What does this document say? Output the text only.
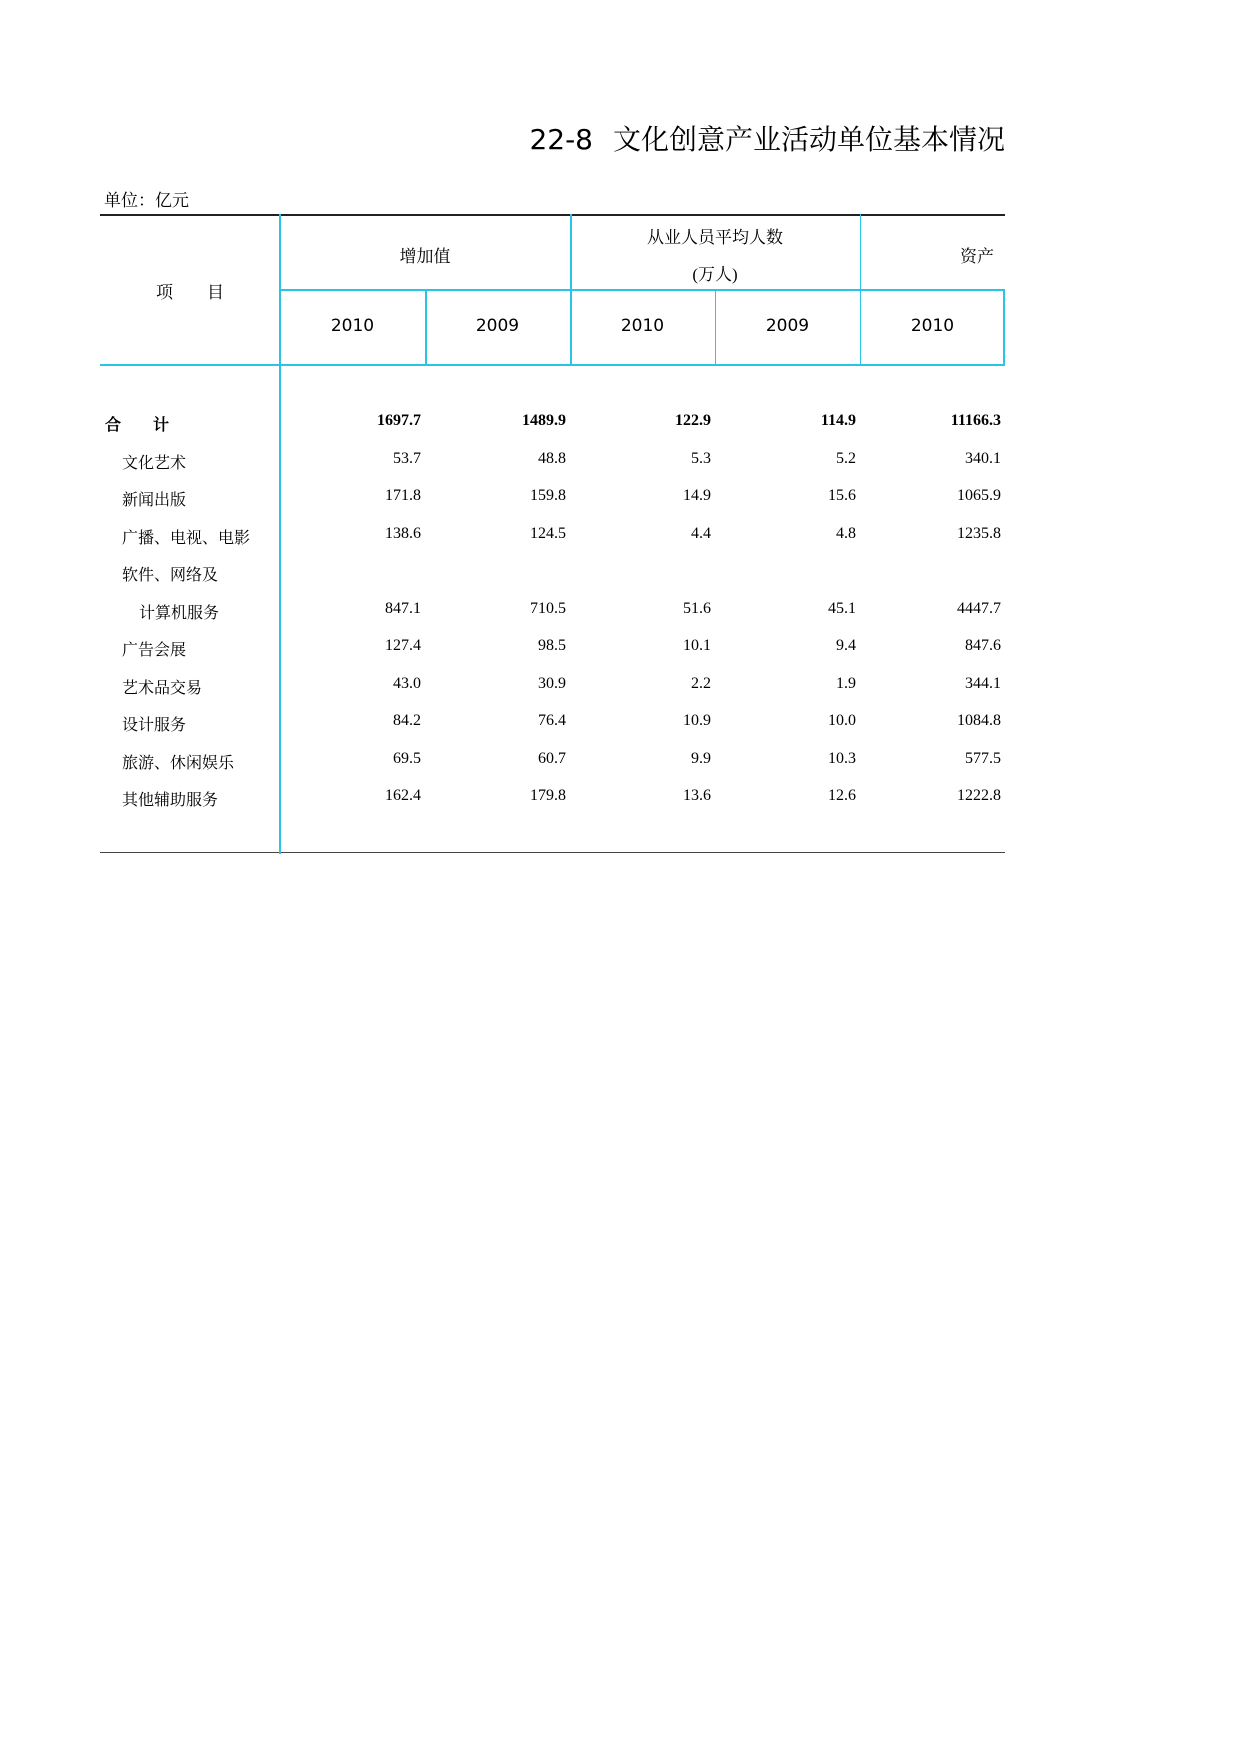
22-8 文化创意产业活动单位基本情况
单位：亿元
项　　目
增加值
从业人员平均人数
(万人)
资产
2010	2009	2010	2009	2010
合　　计	1697.7	1489.9	122.9	114.9	11166.3
文化艺术	53.7	48.8	5.3	5.2	340.1
新闻出版	171.8	159.8	14.9	15.6	1065.9
广播、电视、电影	138.6	124.5	4.4	4.8	1235.8
软件、网络及
计算机服务	847.1	710.5	51.6	45.1	4447.7
广告会展	127.4	98.5	10.1	9.4	847.6
艺术品交易	43.0	30.9	2.2	1.9	344.1
设计服务	84.2	76.4	10.9	10.0	1084.8
旅游、休闲娱乐	69.5	60.7	9.9	10.3	577.5
其他辅助服务	162.4	179.8	13.6	12.6	1222.8
